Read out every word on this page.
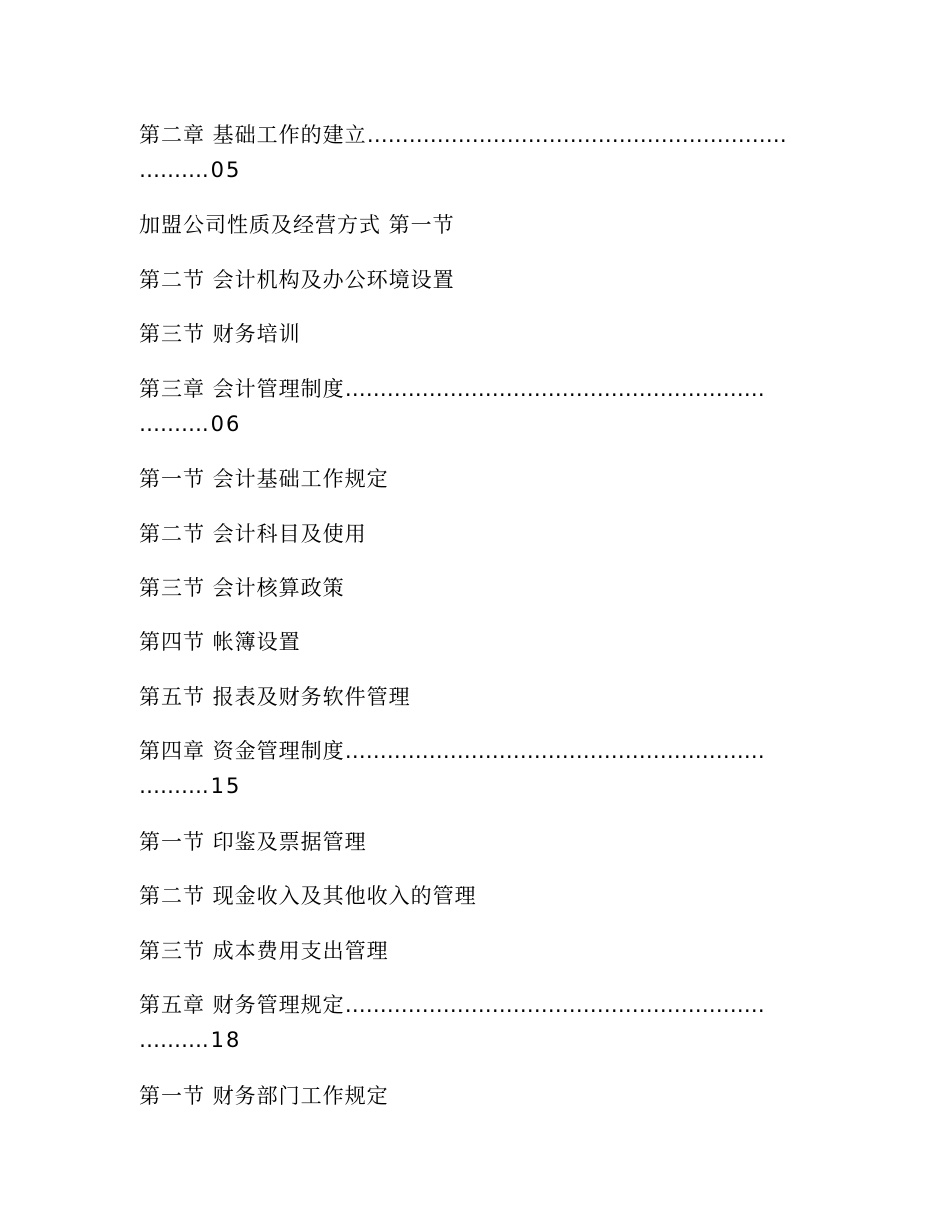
第二章 基础工作的建立……………………………………………………
……….05
加盟公司性质及经营方式 第一节
第二节 会计机构及办公环境设置
第三节 财务培训
第三章 会计管理制度……………………………………………………
……….06
第一节 会计基础工作规定
第二节 会计科目及使用
第三节 会计核算政策
第四节 帐簿设置
第五节 报表及财务软件管理
第四章 资金管理制度……………………………………………………
……….15
第一节 印鉴及票据管理
第二节 现金收入及其他收入的管理
第三节 成本费用支出管理
第五章 财务管理规定……………………………………………………
……….18
第一节 财务部门工作规定
